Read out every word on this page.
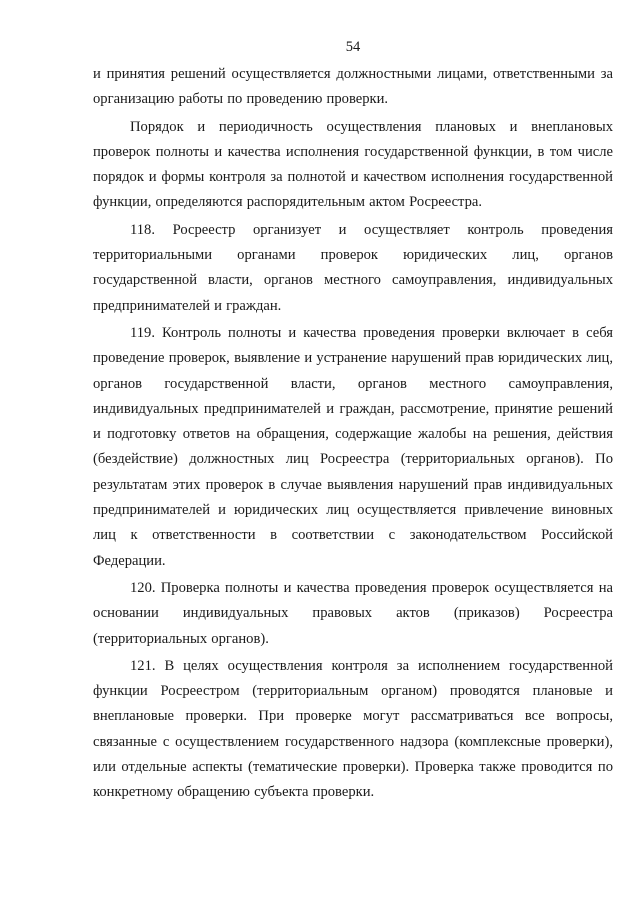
54

и принятия решений осуществляется должностными лицами, ответственными за организацию работы по проведению проверки.

Порядок и периодичность осуществления плановых и внеплановых проверок полноты и качества исполнения государственной функции, в том числе порядок и формы контроля за полнотой и качеством исполнения государственной функции, определяются распорядительным актом Росреестра.

118. Росреестр организует и осуществляет контроль проведения территориальными органами проверок юридических лиц, органов государственной власти, органов местного самоуправления, индивидуальных предпринимателей и граждан.

119. Контроль полноты и качества проведения проверки включает в себя проведение проверок, выявление и устранение нарушений прав юридических лиц, органов государственной власти, органов местного самоуправления, индивидуальных предпринимателей и граждан, рассмотрение, принятие решений и подготовку ответов на обращения, содержащие жалобы на решения, действия (бездействие) должностных лиц Росреестра (территориальных органов). По результатам этих проверок в случае выявления нарушений прав индивидуальных предпринимателей и юридических лиц осуществляется привлечение виновных лиц к ответственности в соответствии с законодательством Российской Федерации.

120. Проверка полноты и качества проведения проверок осуществляется на основании индивидуальных правовых актов (приказов) Росреестра (территориальных органов).

121. В целях осуществления контроля за исполнением государственной функции Росреестром (территориальным органом) проводятся плановые и внеплановые проверки. При проверке могут рассматриваться все вопросы, связанные с осуществлением государственного надзора (комплексные проверки), или отдельные аспекты (тематические проверки). Проверка также проводится по конкретному обращению субъекта проверки.
